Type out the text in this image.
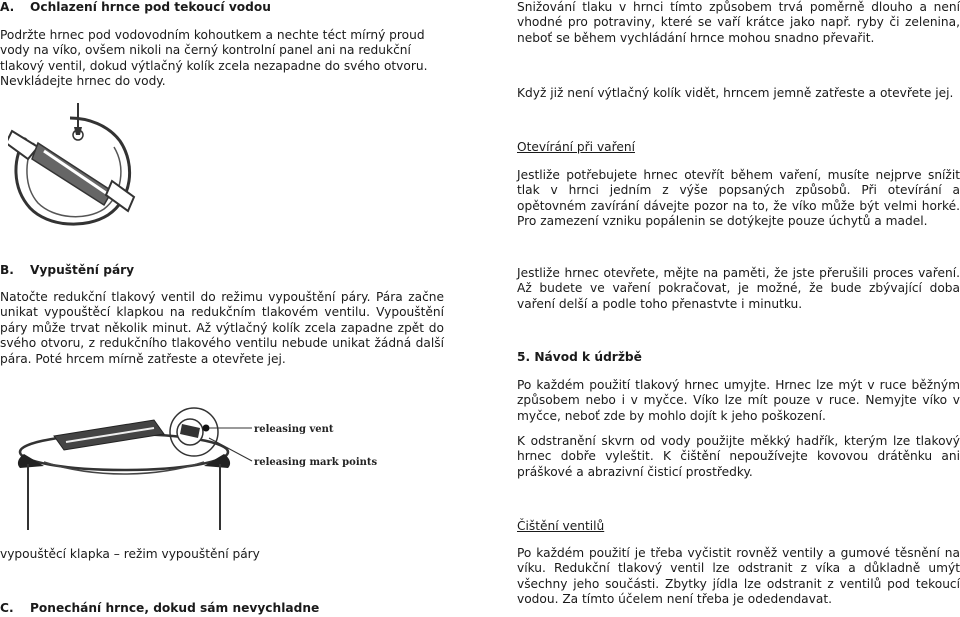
A.	Ochlazení hrnce pod tekoucí vodou

Podržte hrnec pod vodovodním kohoutkem a nechte téct mírný proud vody na víko, ovšem nikoli na černý kontrolní panel ani na redukční tlakový ventil, dokud výtlačný kolík zcela nezapadne do svého otvoru. Nevkládejte hrnec do vody.

B.	Vypuštění páry

Natočte redukční tlakový ventil do režimu vypouštění páry. Pára začne unikat vypouštěcí klapkou na redukčním tlakovém ventilu. Vypouštění páry může trvat několik minut. Až výtlačný kolík zcela zapadne zpět do svého otvoru, z redukčního tlakového ventilu nebude unikat žádná další pára. Poté hrcem mírně zatřeste a otevřete jej.

releasing vent
releasing mark points

vypouštěcí klapka – režim vypouštění páry

C.	Ponechání hrnce, dokud sám nevychladne

Snižování tlaku v hrnci tímto způsobem trvá poměrně dlouho a není vhodné pro potraviny, které se vaří krátce jako např. ryby či zelenina, neboť se během vychládání hrnce mohou snadno převařit.

Když již není výtlačný kolík vidět, hrncem jemně zatřeste a otevřete jej.

Otevírání při vaření

Jestliže potřebujete hrnec otevřít během vaření, musíte nejprve snížit tlak v hrnci jedním z výše popsaných způsobů. Při otevírání a opětovném zavírání dávejte pozor na to, že víko může být velmi horké. Pro zamezení vzniku popálenin se dotýkejte pouze úchytů a madel.

Jestliže hrnec otevřete, mějte na paměti, že jste přerušili proces vaření. Až budete ve vaření pokračovat, je možné, že bude zbývající doba vaření delší a podle toho přenastvte i minutku.

5. Návod k údržbě

Po každém použití tlakový hrnec umyjte. Hrnec lze mýt v ruce běžným způsobem nebo i v myčce. Víko lze mít pouze v ruce. Nemyjte víko v myčce, neboť zde by mohlo dojít k jeho poškození.

K odstranění skvrn od vody použijte měkký hadřík, kterým lze tlakový hrnec dobře vyleštit. K čištění nepoužívejte kovovou drátěnku ani práškové a abrazivní čisticí prostředky.

Čištění ventilů

Po každém použití je třeba vyčistit rovněž ventily a gumové těsnění na víku. Redukční tlakový ventil lze odstranit z víka a důkladně umýt všechny jeho součásti. Zbytky jídla lze odstranit z ventilů pod tekoucí vodou. Za tímto účelem není třeba je odedendavat.
